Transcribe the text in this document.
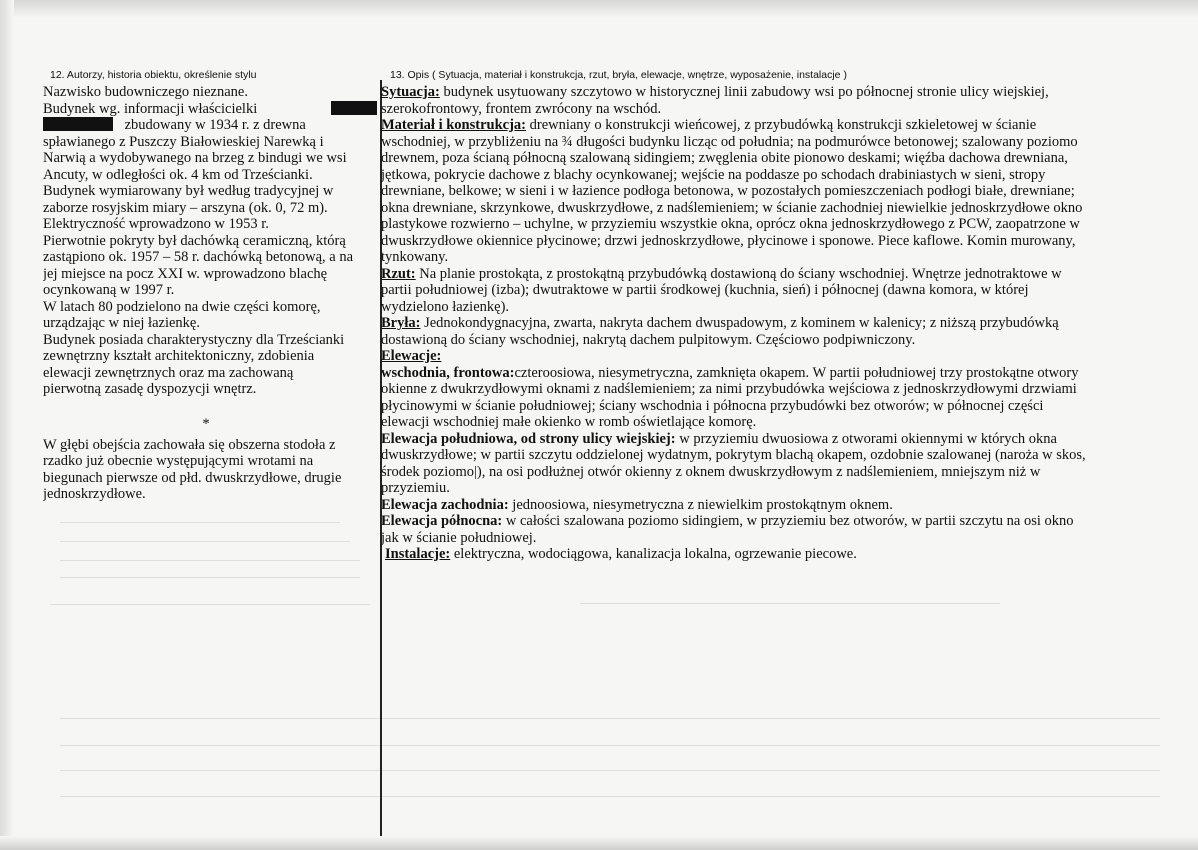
12. Autorzy, historia obiektu, określenie stylu	13. Opis ( Sytuacja, materiał i konstrukcja, rzut, bryła, elewacje, wnętrze, wyposażenie, instalacje )

Nazwisko budowniczego nieznane.

Budynek wg. informacji właścicielki

zbudowany w 1934 r. z drewna

spławianego z Puszczy Białowieskiej Narewką i

Narwią a wydobywanego na brzeg z bindugi we wsi

Ancuty, w odległości ok. 4 km od Trześcianki.

Budynek wymiarowany był według tradycyjnej w

zaborze rosyjskim miary – arszyna (ok. 0, 72 m).

Elektryczność wprowadzono w 1953 r.

Pierwotnie pokryty był dachówką ceramiczną, którą

zastąpiono ok. 1957 – 58 r. dachówką betonową, a na

jej miejsce na pocz XXI w. wprowadzono blachę

ocynkowaną w 1997 r.

W latach 80 podzielono na dwie części komorę,

urządzając w niej łazienkę.

Budynek posiada charakterystyczny dla Trześcianki

zewnętrzny kształt architektoniczny, zdobienia

elewacji zewnętrznych oraz ma zachowaną

pierwotną zasadę dyspozycji wnętrz.

*

W głębi obejścia zachowała się obszerna stodoła z

rzadko już obecnie występującymi wrotami na

biegunach pierwsze od płd. dwuskrzydłowe, drugie

jednoskrzydłowe.

Sytuacja: budynek usytuowany szczytowo w historycznej linii zabudowy wsi po północnej stronie ulicy wiejskiej,

szerokofrontowy, frontem zwrócony na wschód.

Materiał i konstrukcja: drewniany o konstrukcji wieńcowej, z przybudówką konstrukcji szkieletowej w ścianie

wschodniej, w przybliżeniu na ¾ długości budynku licząc od południa; na podmurówce betonowej; szalowany poziomo

drewnem, poza ścianą północną szalowaną sidingiem; zwęglenia obite pionowo deskami; więźba dachowa drewniana,

jętkowa, pokrycie dachowe z blachy ocynkowanej; wejście na poddasze po schodach drabiniastych w sieni, stropy

drewniane, belkowe; w sieni i w łazience podłoga betonowa, w pozostałych pomieszczeniach podłogi białe, drewniane;

okna drewniane, skrzynkowe, dwuskrzydłowe, z nadślemieniem; w ścianie zachodniej niewielkie jednoskrzydłowe okno

plastykowe rozwierno – uchylne, w przyziemiu wszystkie okna, oprócz okna jednoskrzydłowego z PCW, zaopatrzone w

dwuskrzydłowe okiennice płycinowe; drzwi jednoskrzydłowe, płycinowe i sponowe. Piece kaflowe. Komin murowany,

tynkowany.

Rzut: Na planie prostokąta, z prostokątną przybudówką dostawioną do ściany wschodniej. Wnętrze jednotraktowe w

partii południowej (izba); dwutraktowe w partii środkowej (kuchnia, sień) i północnej (dawna komora, w której

wydzielono łazienkę).

Bryła: Jednokondygnacyjna, zwarta, nakryta dachem dwuspadowym, z kominem w kalenicy; z niższą przybudówką

dostawioną do ściany wschodniej, nakrytą dachem pulpitowym. Częściowo podpiwniczony.

Elewacje:

wschodnia, frontowa:czteroosiowa, niesymetryczna, zamknięta okapem. W partii południowej trzy prostokątne otwory

okienne z dwukrzydłowymi oknami z nadślemieniem; za nimi przybudówka wejściowa z jednoskrzydłowymi drzwiami

płycinowymi w ścianie południowej; ściany wschodnia i północna przybudówki bez otworów; w północnej części

elewacji wschodniej małe okienko w romb oświetlające komorę.

Elewacja południowa, od strony ulicy wiejskiej: w przyziemiu dwuosiowa z otworami okiennymi w których okna

dwuskrzydłowe; w partii szczytu oddzielonej wydatnym, pokrytym blachą okapem, ozdobnie szalowanej (naroża w skos,

środek poziomo|), na osi podłużnej otwór okienny z oknem dwuskrzydłowym z nadślemieniem, mniejszym niż w

przyziemiu.

Elewacja zachodnia: jednoosiowa, niesymetryczna z niewielkim prostokątnym oknem.

Elewacja północna: w całości szalowana poziomo sidingiem, w przyziemiu bez otworów, w partii szczytu na osi okno

jak w ścianie południowej.

Instalacje: elektryczna, wodociągowa, kanalizacja lokalna, ogrzewanie piecowe.
